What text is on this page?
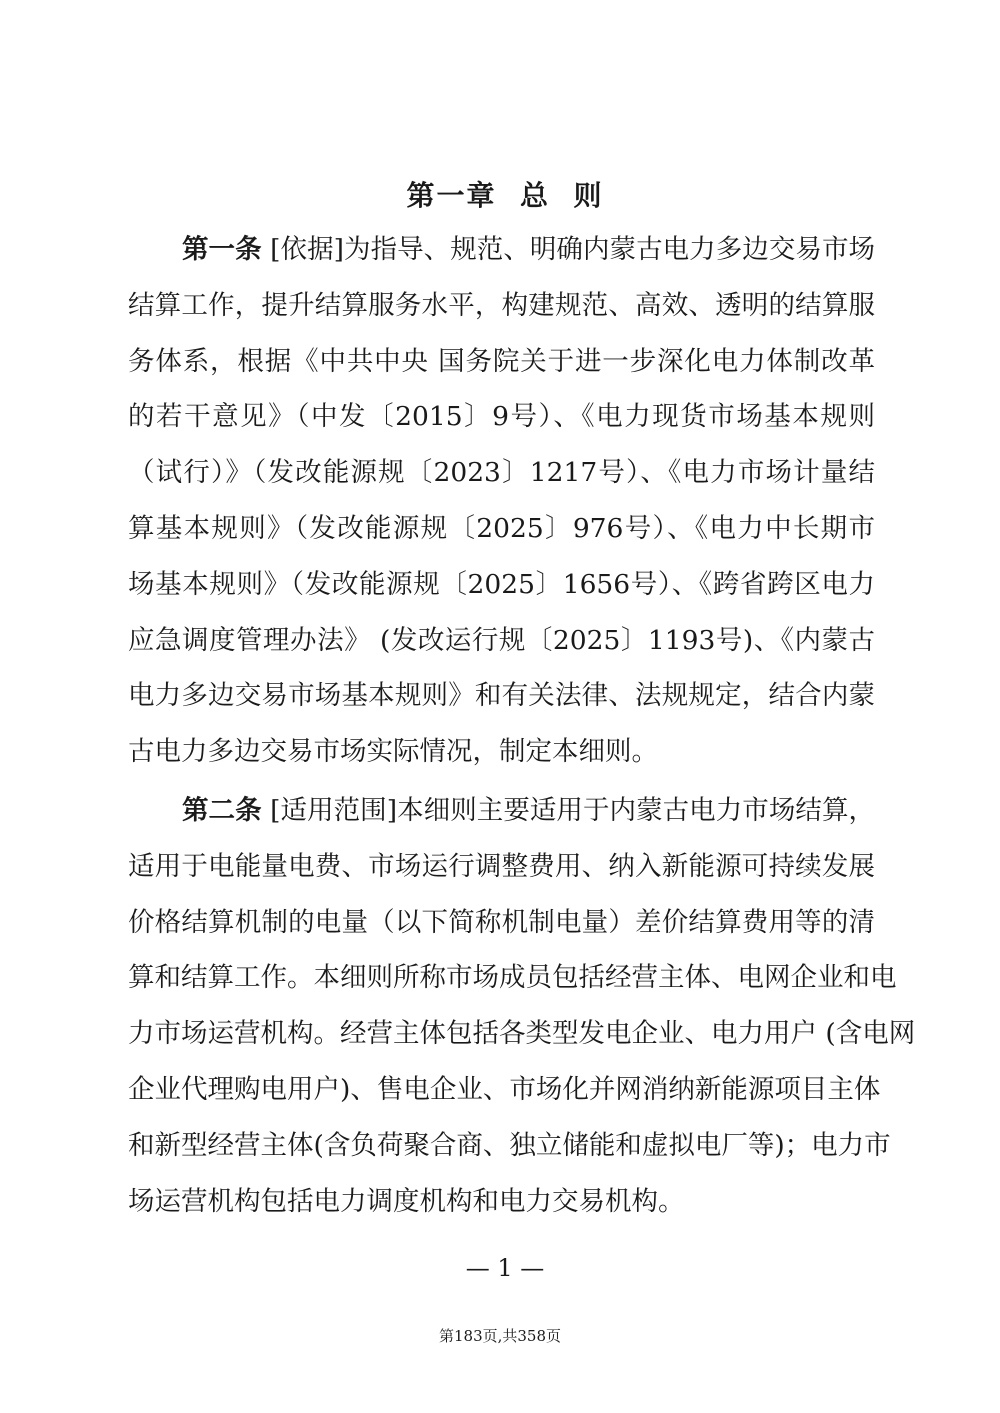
第一章  总  则
第一条 [依据]为指导、规范、明确内蒙古电力多边交易市场
结算工作，提升结算服务水平，构建规范、高效、透明的结算服
务体系，根据《中共中央 国务院关于进一步深化电力体制改革
的若干意见》（中发〔2015〕9号）、《电力现货市场基本规则
（试行）》（发改能源规〔2023〕1217号）、《电力市场计量结
算基本规则》（发改能源规〔2025〕976号）、《电力中长期市
场基本规则》（发改能源规〔2025〕1656号）、《跨省跨区电力
应急调度管理办法》 (发改运行规〔2025〕1193号)、《内蒙古
电力多边交易市场基本规则》和有关法律、法规规定，结合内蒙
古电力多边交易市场实际情况，制定本细则。
第二条 [适用范围]本细则主要适用于内蒙古电力市场结算，
适用于电能量电费、市场运行调整费用、纳入新能源可持续发展
价格结算机制的电量（以下简称机制电量）差价结算费用等的清
算和结算工作。本细则所称市场成员包括经营主体、电网企业和电
力市场运营机构。经营主体包括各类型发电企业、电力用户 (含电网
企业代理购电用户)、售电企业、市场化并网消纳新能源项目主体
和新型经营主体(含负荷聚合商、独立储能和虚拟电厂等)；电力市
场运营机构包括电力调度机构和电力交易机构。
— 1 —
第183页,共358页
